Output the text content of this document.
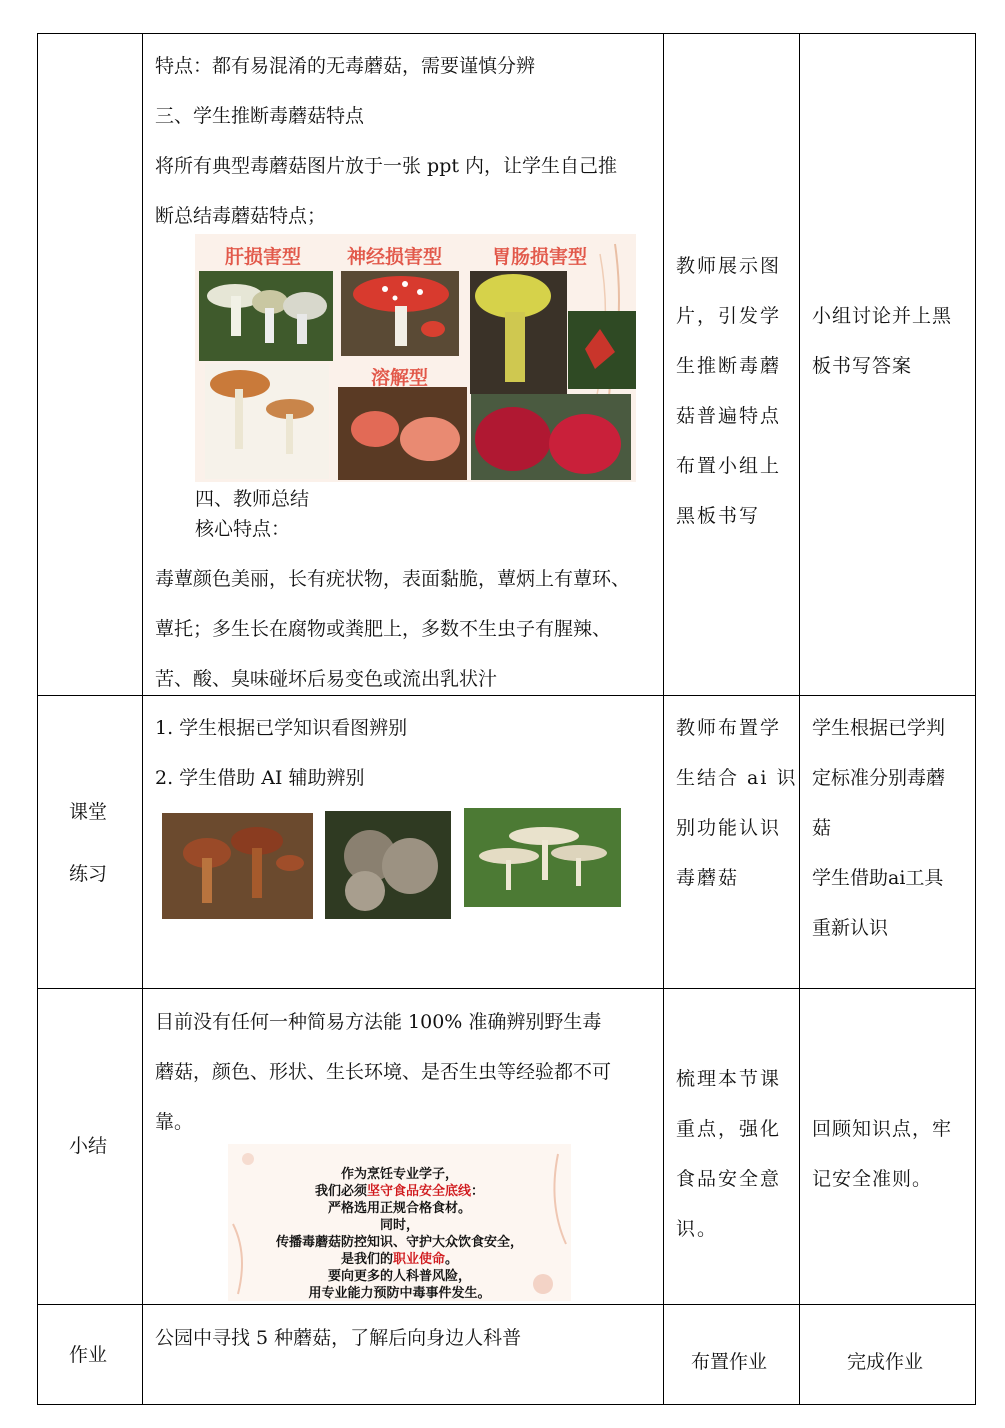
特点：都有易混淆的无毒蘑菇，需要谨慎分辨
三、学生推断毒蘑菇特点
将所有典型毒蘑菇图片放于一张 ppt 内，让学生自己推
断总结毒蘑菇特点；
肝损害型 神经损害型	胃肠损害型
溶解型
四、教师总结
核心特点：
毒蕈颜色美丽，长有疣状物，表面黏脆，蕈炳上有蕈环、
蕈托；多生长在腐物或粪肥上，多数不生虫子有腥辣、
苦、酸、臭味碰坏后易变色或流出乳状汁
教师展示图
片，引发学
生推断毒蘑
菇普遍特点
布置小组上
黑板书写
小组讨论并上黑
板书写答案
课堂
练习
1. 学生根据已学知识看图辨别
2. 学生借助 AI 辅助辨别
教师布置学
生结合 ai 识
别功能认识
毒蘑菇
学生根据已学判
定标准分别毒蘑
菇
学生借助ai工具
重新认识
小结
目前没有任何一种简易方法能 100% 准确辨别野生毒
蘑菇，颜色、形状、生长环境、是否生虫等经验都不可
靠。
作为烹饪专业学子，
我们必须坚守食品安全底线：
严格选用正规合格食材。
同时，
传播毒蘑菇防控知识、守护大众饮食安全，
是我们的职业使命。
要向更多的人科普风险，
用专业能力预防中毒事件发生。
梳理本节课
重点，强化
食品安全意
识。
回顾知识点，牢
记安全准则。
作业
公园中寻找 5 种蘑菇，了解后向身边人科普
布置作业	完成作业
